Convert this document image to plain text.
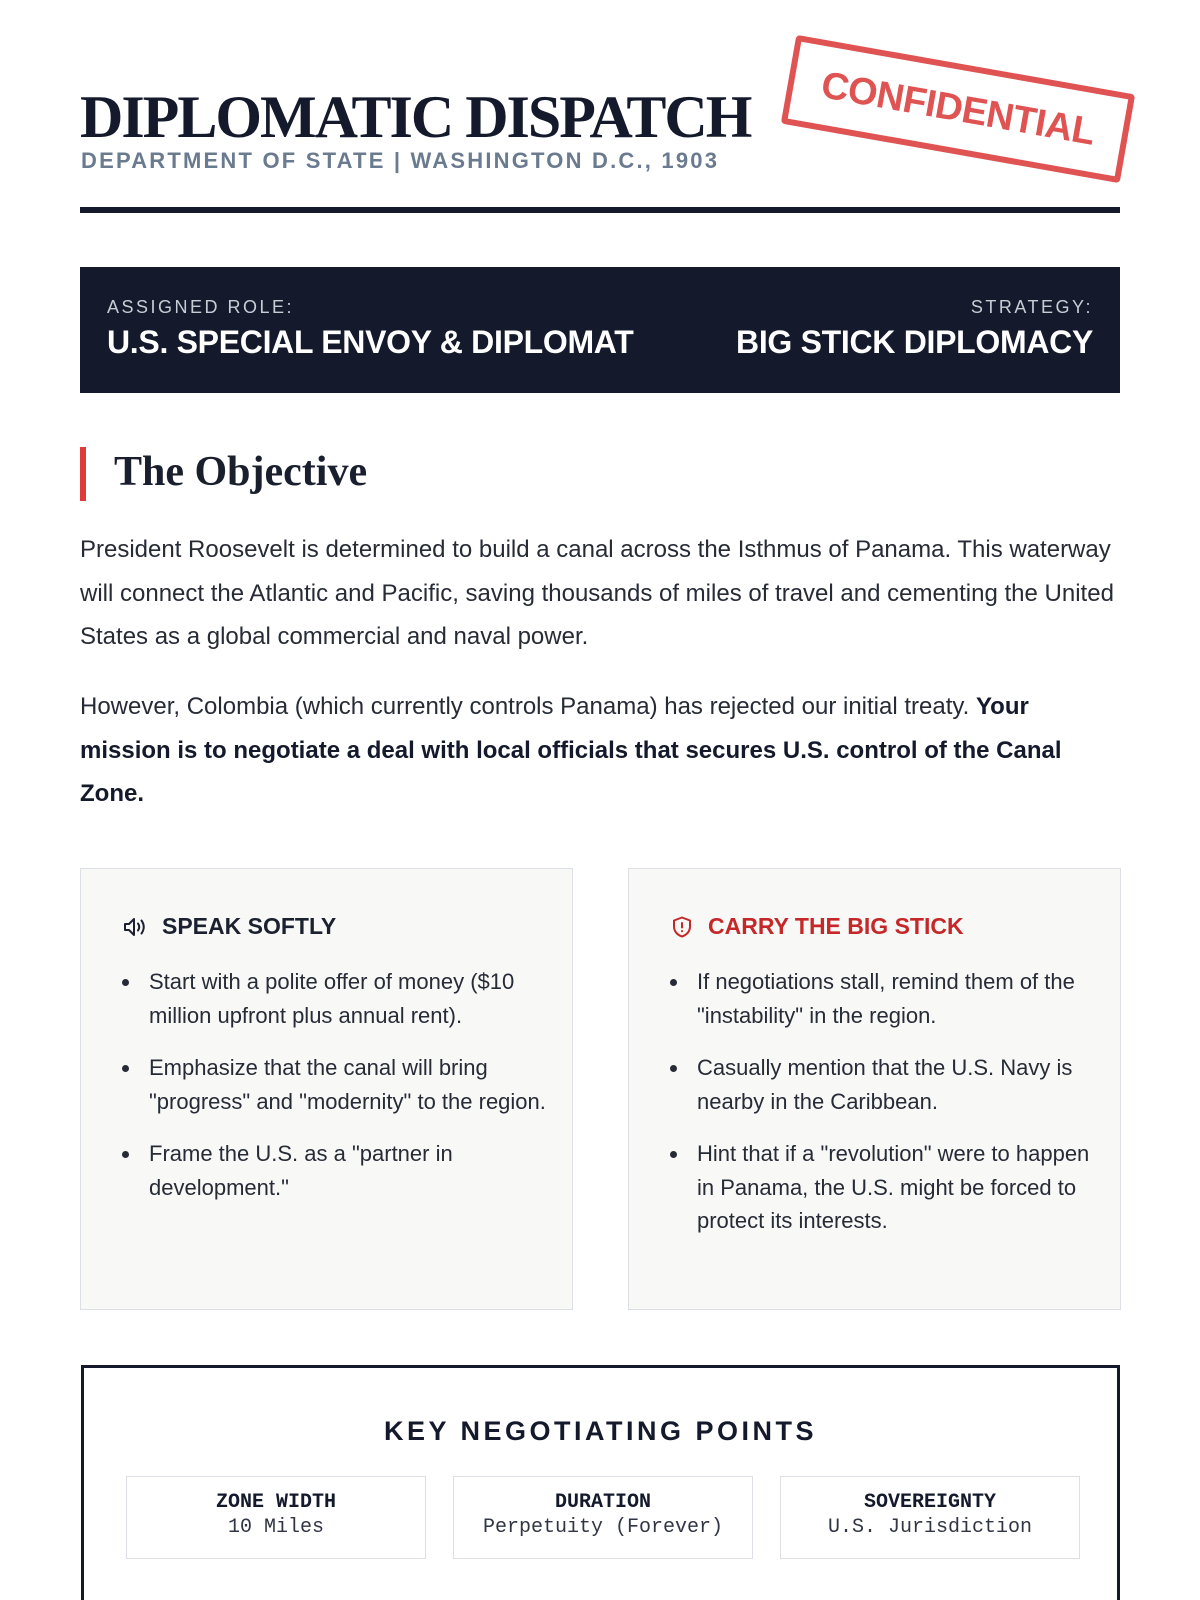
DIPLOMATIC DISPATCH
DEPARTMENT OF STATE | WASHINGTON D.C., 1903
CONFIDENTIAL
ASSIGNED ROLE:
U.S. SPECIAL ENVOY & DIPLOMAT
STRATEGY:
BIG STICK DIPLOMACY
The Objective

President Roosevelt is determined to build a canal across the Isthmus of Panama. This waterway will connect the Atlantic and Pacific, saving thousands of miles of travel and cementing the United States as a global commercial and naval power.

However, Colombia (which currently controls Panama) has rejected our initial treaty. Your mission is to negotiate a deal with local officials that secures U.S. control of the Canal Zone.

SPEAK SOFTLY
Start with a polite offer of money ($10 million upfront plus annual rent).
Emphasize that the canal will bring "progress" and "modernity" to the region.
Frame the U.S. as a "partner in development."
CARRY THE BIG STICK
If negotiations stall, remind them of the "instability" in the region.
Casually mention that the U.S. Navy is nearby in the Caribbean.
Hint that if a "revolution" were to happen in Panama, the U.S. might be forced to protect its interests.
KEY NEGOTIATING POINTS
ZONE WIDTH
10 Miles
DURATION
Perpetuity (Forever)
SOVEREIGNTY
U.S. Jurisdiction
